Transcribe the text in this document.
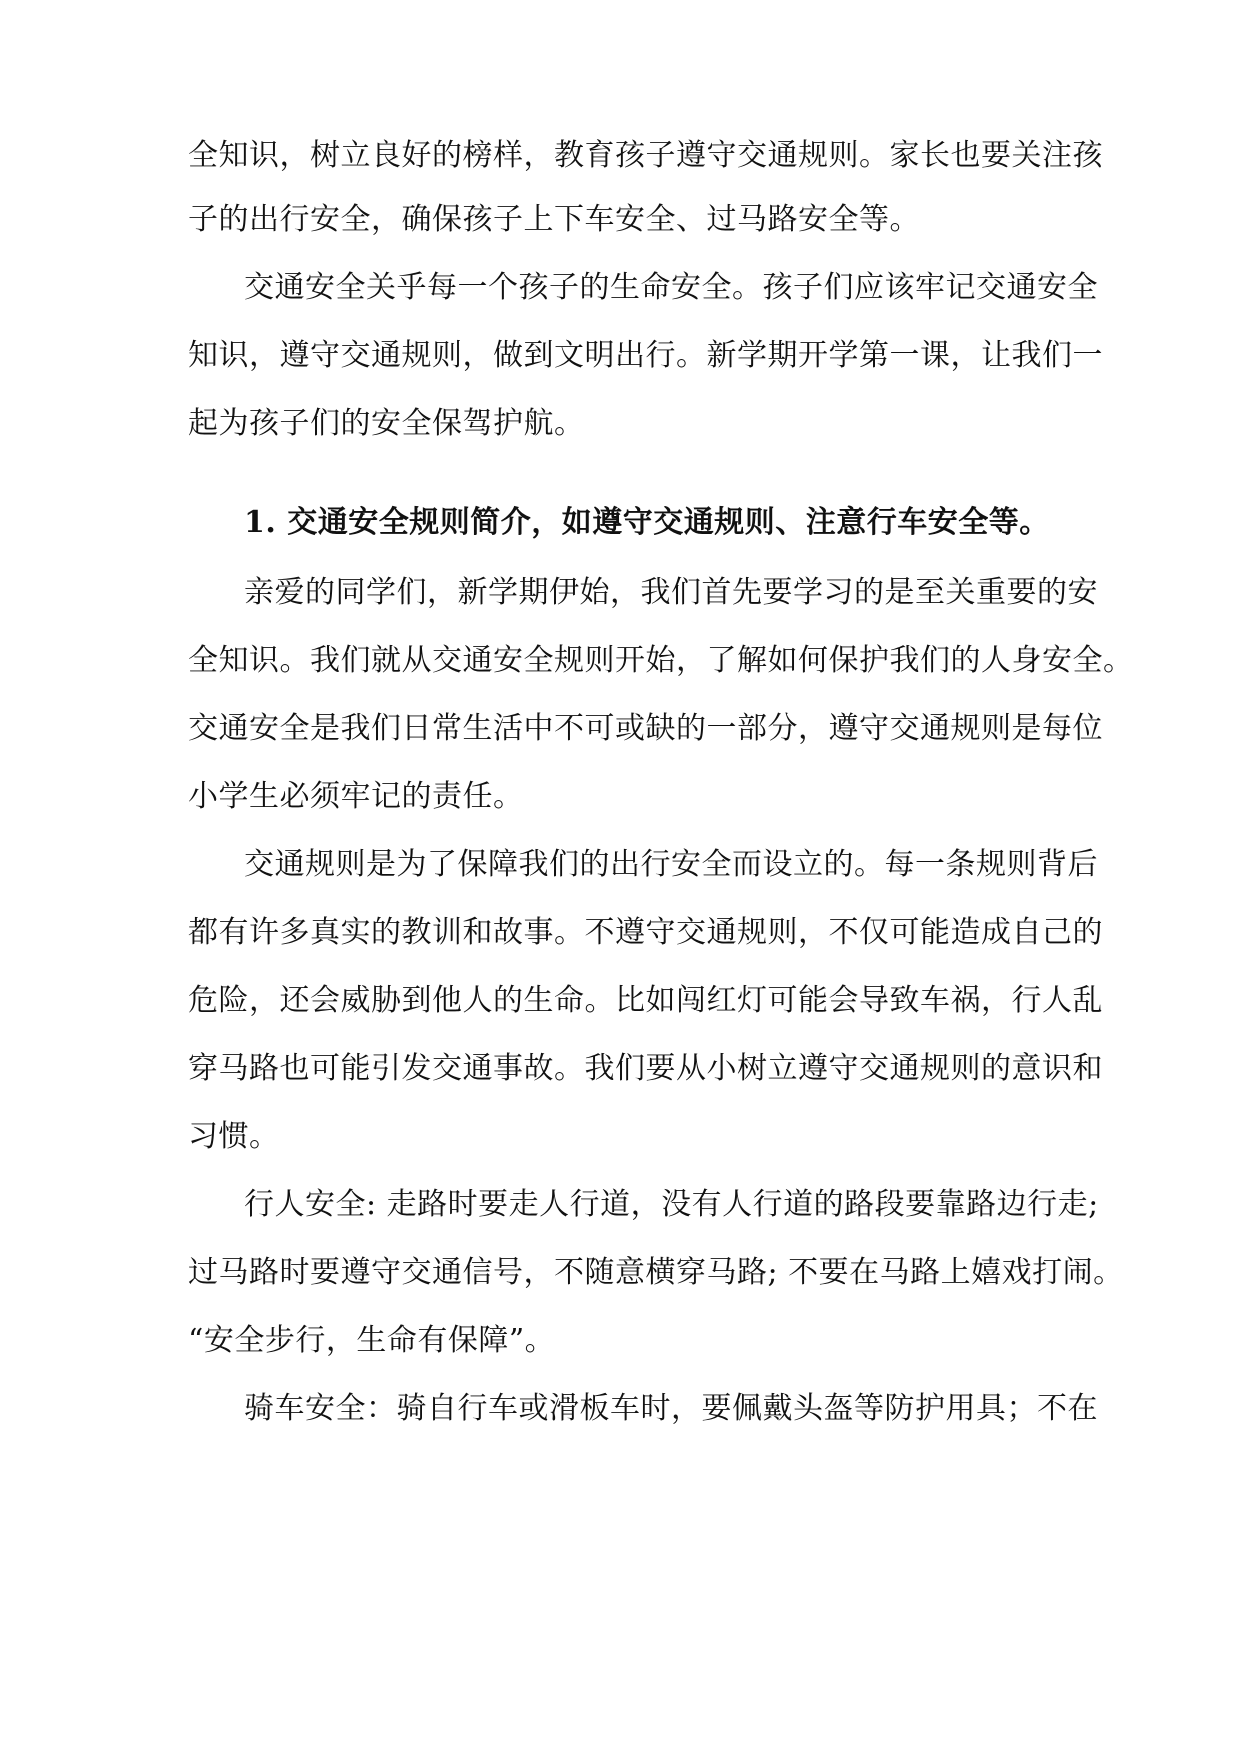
全知识，树立良好的榜样，教育孩子遵守交通规则。家长也要关注孩
子的出行安全，确保孩子上下车安全、过马路安全等。
交通安全关乎每一个孩子的生命安全。孩子们应该牢记交通安全
知识，遵守交通规则，做到文明出行。新学期开学第一课，让我们一
起为孩子们的安全保驾护航。
1. 交通安全规则简介，如遵守交通规则、注意行车安全等。
亲爱的同学们，新学期伊始，我们首先要学习的是至关重要的安
全知识。我们就从交通安全规则开始，了解如何保护我们的人身安全。
交通安全是我们日常生活中不可或缺的一部分，遵守交通规则是每位
小学生必须牢记的责任。
交通规则是为了保障我们的出行安全而设立的。每一条规则背后
都有许多真实的教训和故事。不遵守交通规则，不仅可能造成自己的
危险，还会威胁到他人的生命。比如闯红灯可能会导致车祸，行人乱
穿马路也可能引发交通事故。我们要从小树立遵守交通规则的意识和
习惯。
行人安全: 走路时要走人行道，没有人行道的路段要靠路边行走;
过马路时要遵守交通信号，不随意横穿马路; 不要在马路上嬉戏打闹。
“安全步行，生命有保障”。
骑车安全：骑自行车或滑板车时，要佩戴头盔等防护用具；不在
